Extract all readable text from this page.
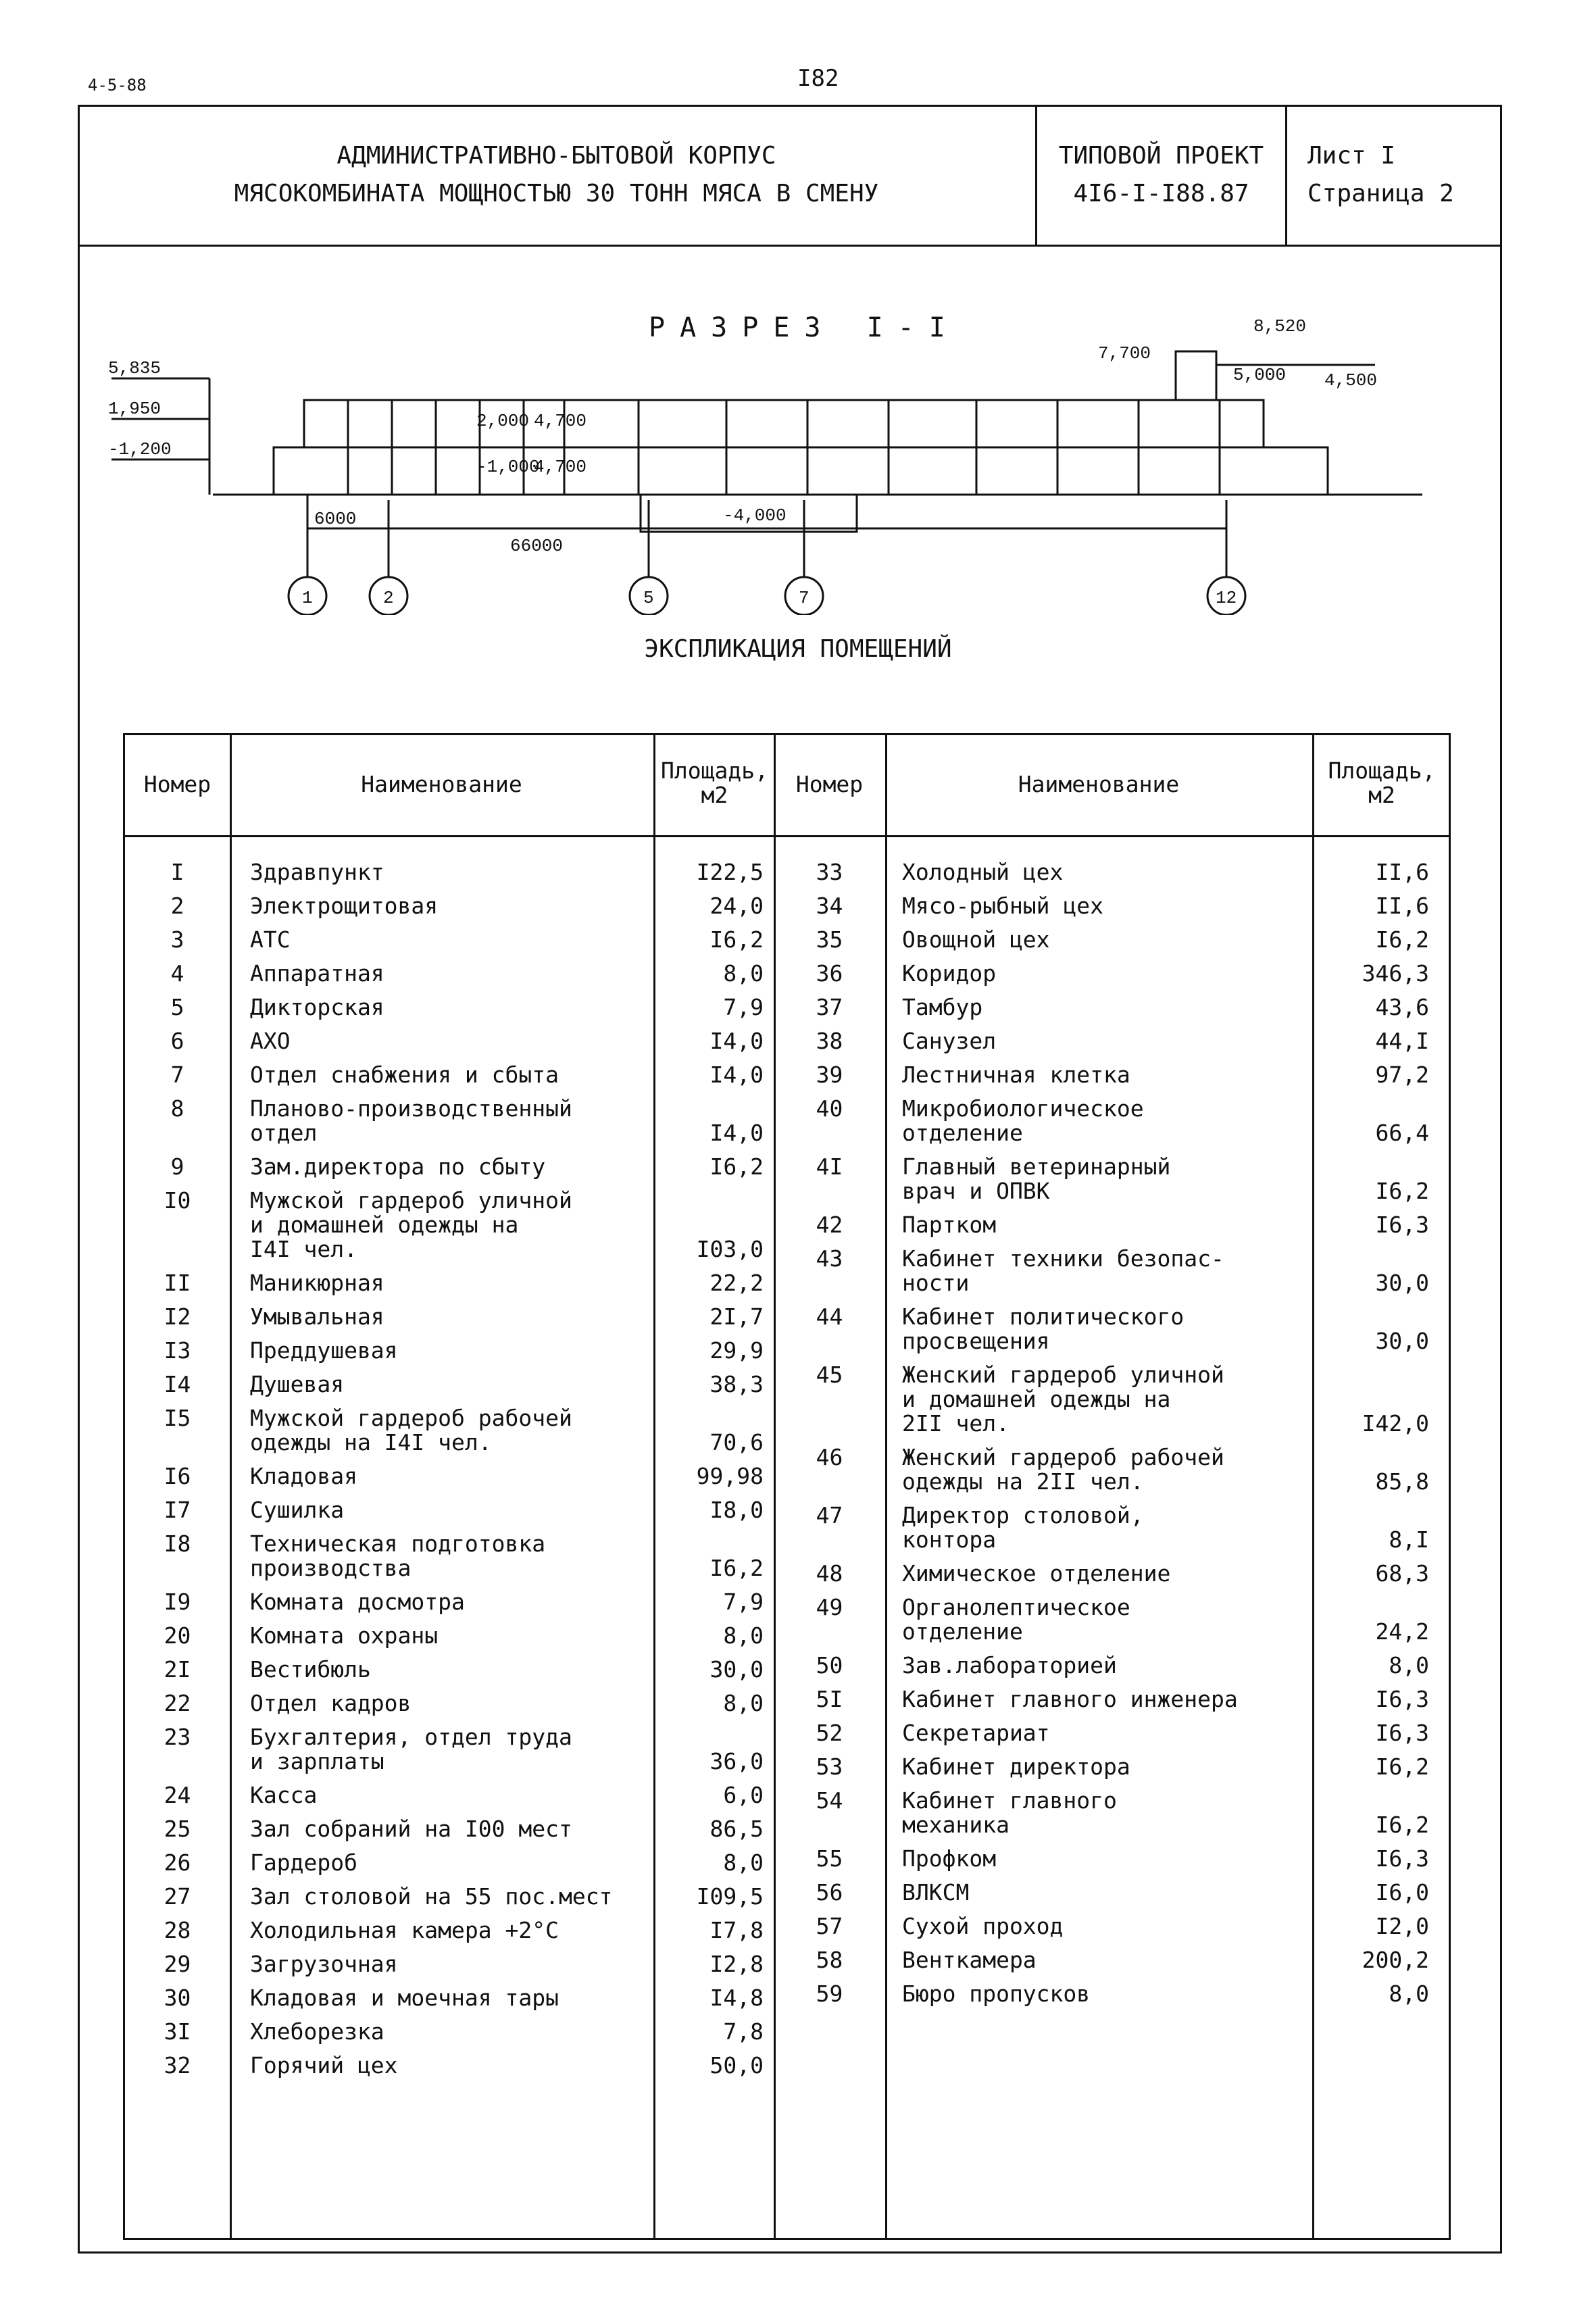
4-5-88	I82
АДМИНИСТРАТИВНО-БЫТОВОЙ КОРПУС
МЯСОКОМБИНАТА МОЩНОСТЬЮ 30 ТОНН МЯСА В СМЕНУ
ТИПОВОЙ ПРОЕКТ
4I6-I-I88.87
Лист I
Страница 2
РАЗРЕЗ I-I
5,835
1,950
-1,200
2,000 4,700
-1,000
4,700
-4,000
7,700
8,520
5,000 4,500
6000
66000
1	2	5	7	12
ЭКСПЛИКАЦИЯ ПОМЕЩЕНИЙ
Номер	Наименование
Площадь,
м2	Номер	Наименование
Площадь,
м2
I	Здравпункт	I22,5
2	Электрощитовая	24,0
3	АТС	I6,2
4	Аппаратная	8,0
5	Дикторская	7,9
6	АХО	I4,0
7	Отдел снабжения и сбыта	I4,0
8	Планово-производственный
отдел	I4,0
9	Зам.директора по сбыту	I6,2
I0	Мужской гардероб уличной
и домашней одежды на
I4I чел.	I03,0
II	Маникюрная	22,2
I2	Умывальная	2I,7
I3	Преддушевая	29,9
I4	Душевая	38,3
I5	Мужской гардероб рабочей
одежды на I4I чел.	70,6
I6	Кладовая	99,98
I7	Сушилка	I8,0
I8	Техническая подготовка
производства	I6,2
I9	Комната досмотра	7,9
20	Комната охраны	8,0
2I	Вестибюль	30,0
22	Отдел кадров	8,0
23	Бухгалтерия, отдел труда
и зарплаты	36,0
24	Касса	6,0
25	Зал собраний на I00 мест	86,5
26	Гардероб	8,0
27	Зал столовой на 55 пос.мест	I09,5
28	Холодильная камера +2°С	I7,8
29	Загрузочная	I2,8
30	Кладовая и моечная тары	I4,8
3I	Хлеборезка	7,8
32	Горячий цех	50,0
33	Холодный цех	II,6
34	Мясо-рыбный цех	II,6
35	Овощной цех	I6,2
36	Коридор	346,3
37	Тамбур	43,6
38	Санузел	44,I
39	Лестничная клетка	97,2
40	Микробиологическое
отделение	66,4
4I	Главный ветеринарный
врач и ОПВК	I6,2
42	Партком	I6,3
43	Кабинет техники безопас-
ности	30,0
44	Кабинет политического
просвещения	30,0
45	Женский гардероб уличной
и домашней одежды на
2II чел.	I42,0
46	Женский гардероб рабочей
одежды на 2II чел.	85,8
47	Директор столовой,
контора	8,I
48	Химическое отделение	68,3
49	Органолептическое
отделение	24,2
50	Зав.лабораторией	8,0
5I	Кабинет главного инженера	I6,3
52	Секретариат	I6,3
53	Кабинет директора	I6,2
54	Кабинет главного
механика	I6,2
55	Профком	I6,3
56	ВЛКСМ	I6,0
57	Сухой проход	I2,0
58	Венткамера	200,2
59	Бюро пропусков	8,0
